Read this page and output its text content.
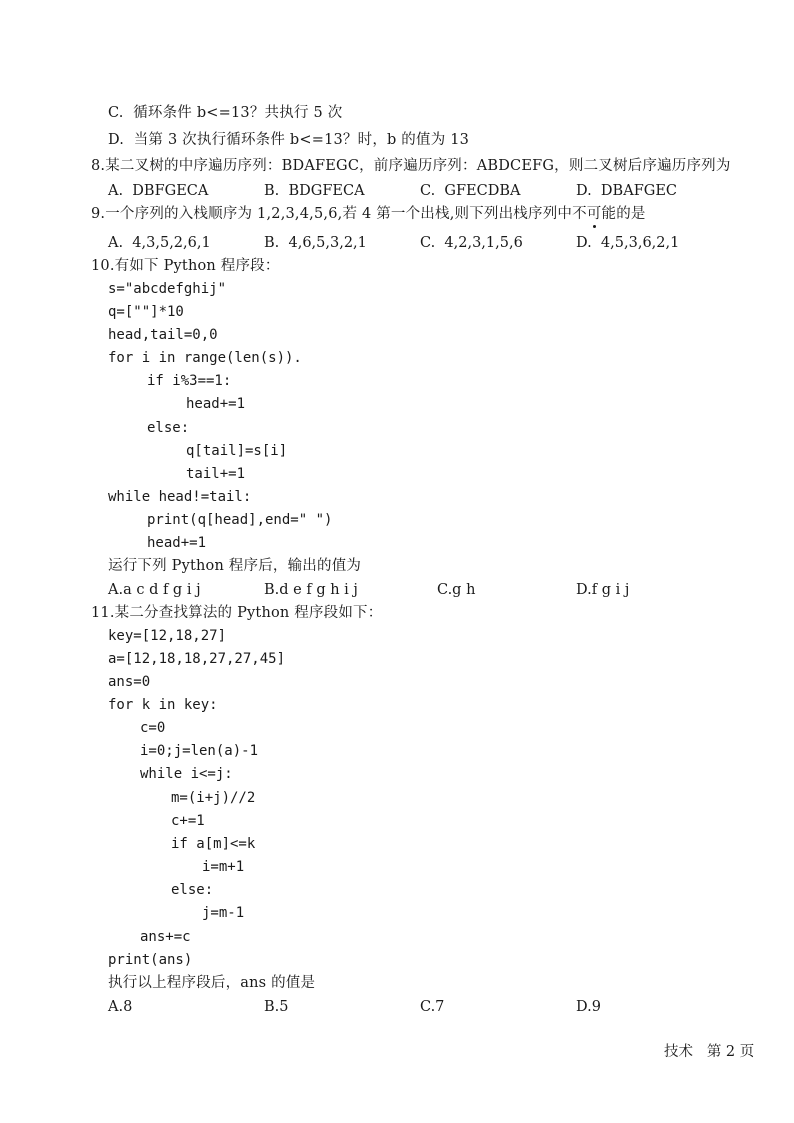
C.  循环条件 b<=13？共执行 5 次
D.  当第 3 次执行循环条件 b<=13？时，b 的值为 13
8.某二叉树的中序遍历序列：BDAFEGC，前序遍历序列：ABDCEFG，则二叉树后序遍历序列为
A.  DBFGECA	B.  BDGFECA	C.  GFECDBA	D.  DBAFGEC
9.一个序列的入栈顺序为 1,2,3,4,5,6,若 4 第一个出栈,则下列出栈序列中不可能的是
A.  4,3,5,2,6,1	B.  4,6,5,3,2,1	C.  4,2,3,1,5,6	D.  4,5,3,6,2,1
10.有如下 Python 程序段：
s="abcdefghij"
q=[""]*10
head,tail=0,0
for i in range(len(s)).
if i%3==1:
head+=1
else:
q[tail]=s[i]
tail+=1
while head!=tail:
print(q[head],end=" ")
head+=1
运行下列 Python 程序后，输出的值为
A.a c d f g i j	B.d e f g h i j	C.g h	D.f g i j
11.某二分查找算法的 Python 程序段如下：
key=[12,18,27]
a=[12,18,18,27,27,45]
ans=0
for k in key:
c=0
i=0;j=len(a)-1
while i<=j:
m=(i+j)//2
c+=1
if a[m]<=k
i=m+1
else:
j=m-1
ans+=c
print(ans)
执行以上程序段后，ans 的值是
A.8	B.5	C.7	D.9
技术   第 2 页
